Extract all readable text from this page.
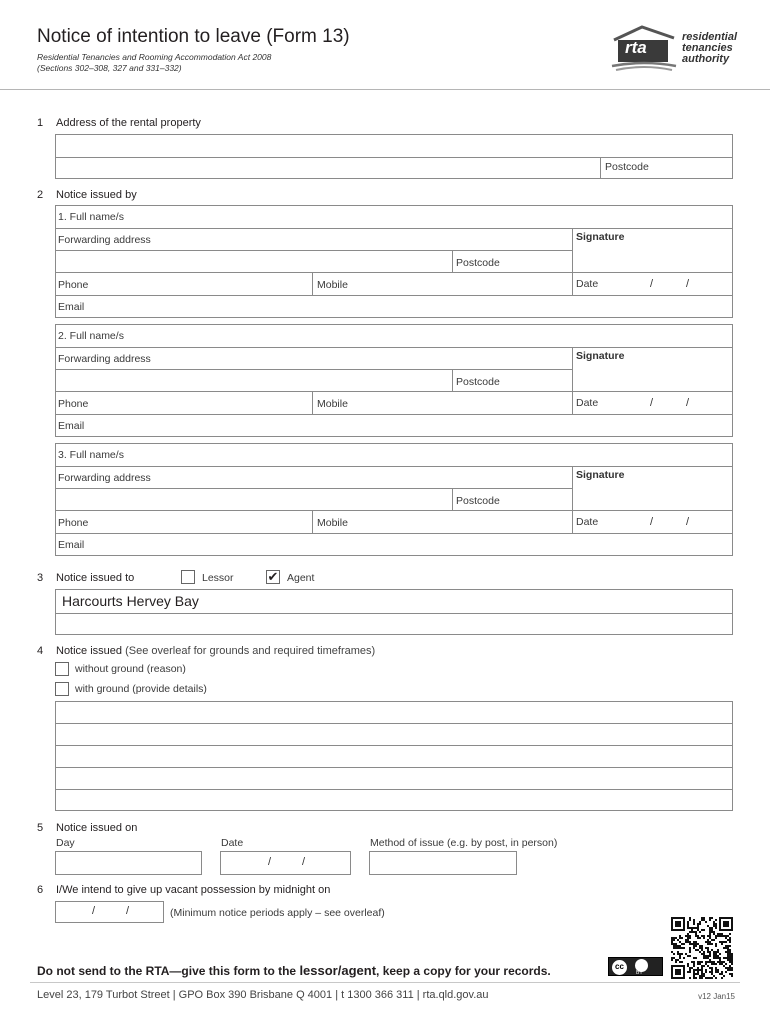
Notice of intention to leave (Form 13)
Residential Tenancies and Rooming Accommodation Act 2008
(Sections 302–308, 327 and 331–332)
rta
residential
tenancies
authority
1 Address of the rental property
Postcode
2 Notice issued by
1. Full name/s
Forwarding address	Signature
Postcode
Phone	Mobile	Date	/	/
Email
2. Full name/s
Forwarding address	Signature
Postcode
Phone	Mobile	Date	/	/
Email
3. Full name/s
Forwarding address	Signature
Postcode
Phone	Mobile	Date	/	/
Email
3 Notice issued to	Lessor	✔ Agent
Harcourts Hervey Bay
4 Notice issued (See overleaf for grounds and required timeframes)
without ground (reason)
with ground (provide details)
5 Notice issued on
Day	Date	Method of issue (e.g. by post, in person)
/	/
6 I/We intend to give up vacant possession by midnight on
/	/	(Minimum notice periods apply – see overleaf)
Do not send to the RTA—give this form to the lessor/agent, keep a copy for your records.	cc
BY
Level 23, 179 Turbot Street | GPO Box 390 Brisbane Q 4001 | t 1300 366 311 | rta.qld.gov.au	v12 Jan15
